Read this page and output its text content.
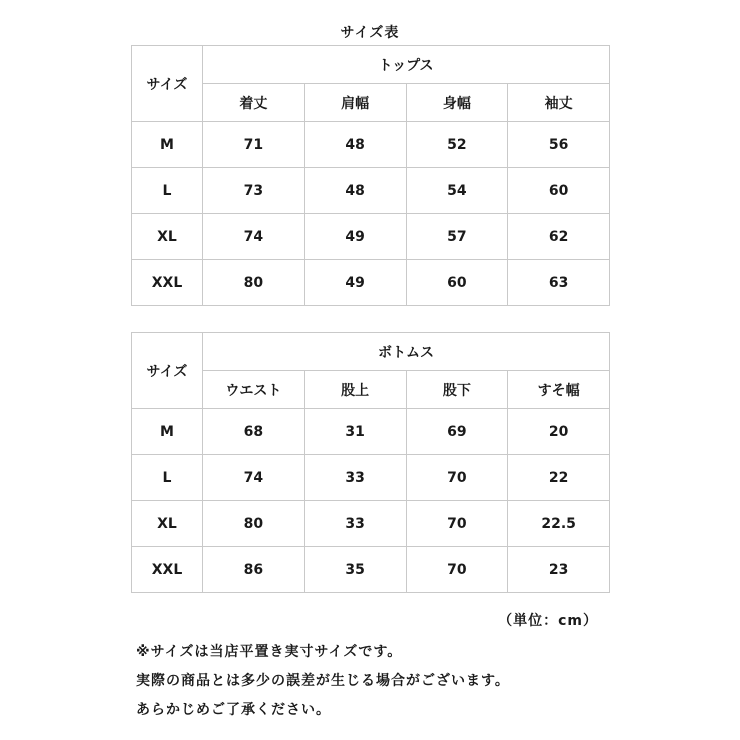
サイズ表
サイズ	トップス			
	着丈	肩幅	身幅	袖丈
M	71	48	52	56
L	73	48	54	60
XL	74	49	57	62
XXL	80	49	60	63
サイズ	ボトムス			
	ウエスト	股上	股下	すそ幅
M	68	31	69	20
L	74	33	70	22
XL	80	33	70	22.5
XXL	86	35	70	23
（単位：cm）
※サイズは当店平置き実寸サイズです。
実際の商品とは多少の誤差が生じる場合がございます。
あらかじめご了承ください。
